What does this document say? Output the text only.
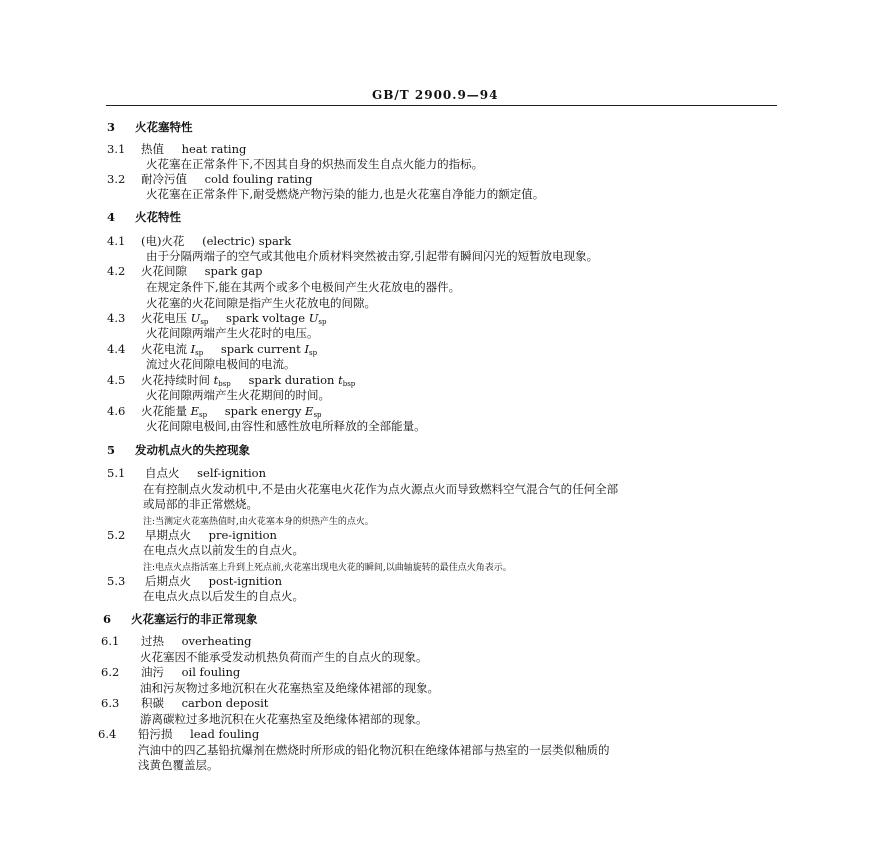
GB/T 2900.9—94
3 火花塞特性
3.1 热值 heat rating
火花塞在正常条件下,不因其自身的炽热而发生自点火能力的指标。
3.2 耐冷污值 cold fouling rating
火花塞在正常条件下,耐受燃烧产物污染的能力,也是火花塞自净能力的额定值。
4 火花特性
4.1 (电)火花 (electric) spark
由于分隔两端子的空气或其他电介质材料突然被击穿,引起带有瞬间闪光的短暂放电现象。
4.2 火花间隙 spark gap
在规定条件下,能在其两个或多个电极间产生火花放电的器件。
火花塞的火花间隙是指产生火花放电的间隙。
4.3 火花电压 $U_{sp}$ spark voltage $U_{sp}$
火花间隙两端产生火花时的电压。
4.4 火花电流 $I_{sp}$ spark current $I_{sp}$
流过火花间隙电极间的电流。
4.5 火花持续时间 $t_{bsp}$ spark duration $t_{bsp}$
火花间隙两端产生火花期间的时间。
4.6 火花能量 $E_{sp}$ spark energy $E_{sp}$
火花间隙电极间,由容性和感性放电所释放的全部能量。
5 发动机点火的失控现象
5.1 自点火 self-ignition
在有控制点火发动机中,不是由火花塞电火花作为点火源点火而导致燃料空气混合气的任何全部
或局部的非正常燃烧。
注:当测定火花塞热值时,由火花塞本身的炽热产生的点火。
5.2 早期点火 pre-ignition
在电点火点以前发生的自点火。
注:电点火点指活塞上升到上死点前,火花塞出现电火花的瞬间,以曲轴旋转的最佳点火角表示。
5.3 后期点火 post-ignition
在电点火点以后发生的自点火。
6 火花塞运行的非正常现象
6.1 过热 overheating
火花塞因不能承受发动机热负荷而产生的自点火的现象。
6.2 油污 oil fouling
油和污灰物过多地沉积在火花塞热室及绝缘体裙部的现象。
6.3 积碳 carbon deposit
游离碳粒过多地沉积在火花塞热室及绝缘体裙部的现象。
6.4 铅污损 lead fouling
汽油中的四乙基铅抗爆剂在燃烧时所形成的铅化物沉积在绝缘体裙部与热室的一层类似釉质的
浅黄色覆盖层。
